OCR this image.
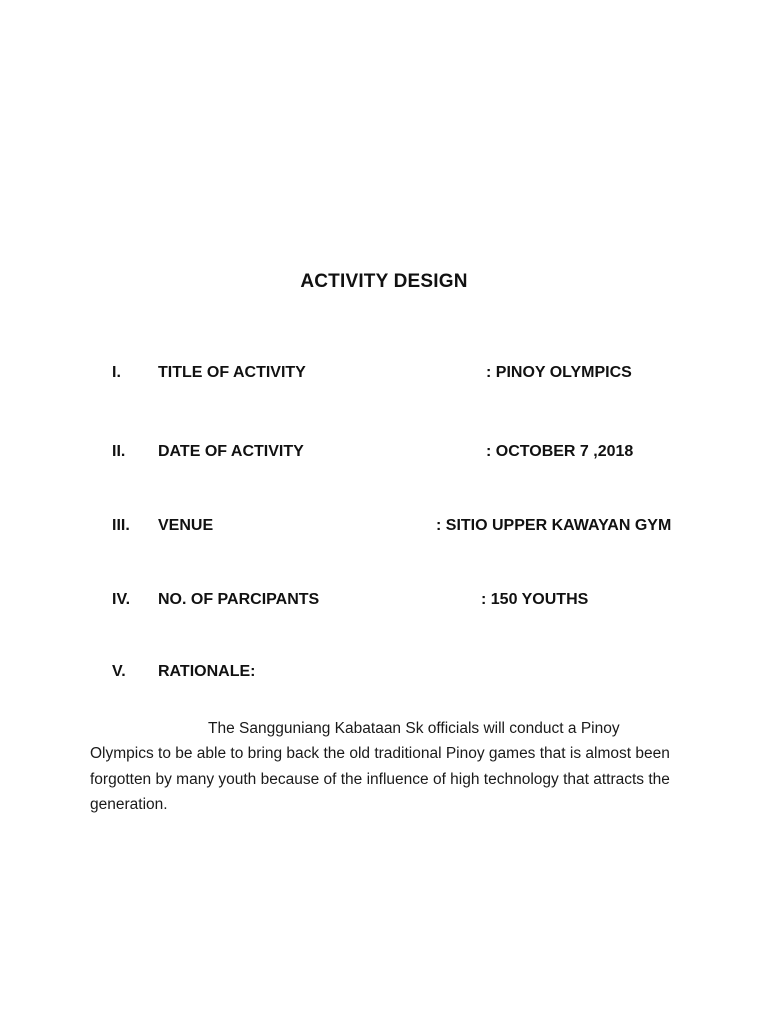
ACTIVITY DESIGN
I. TITLE OF ACTIVITY	: PINOY OLYMPICS
II. DATE OF ACTIVITY	: OCTOBER 7 ,2018
III. VENUE	: SITIO UPPER KAWAYAN GYM
IV. NO. OF PARCIPANTS	: 150 YOUTHS
V. RATIONALE:

The Sangguniang Kabataan Sk officials will conduct a Pinoy Olympics to be able to bring back the old traditional Pinoy games that is almost been forgotten by many youth because of the influence of high technology that attracts the generation.
